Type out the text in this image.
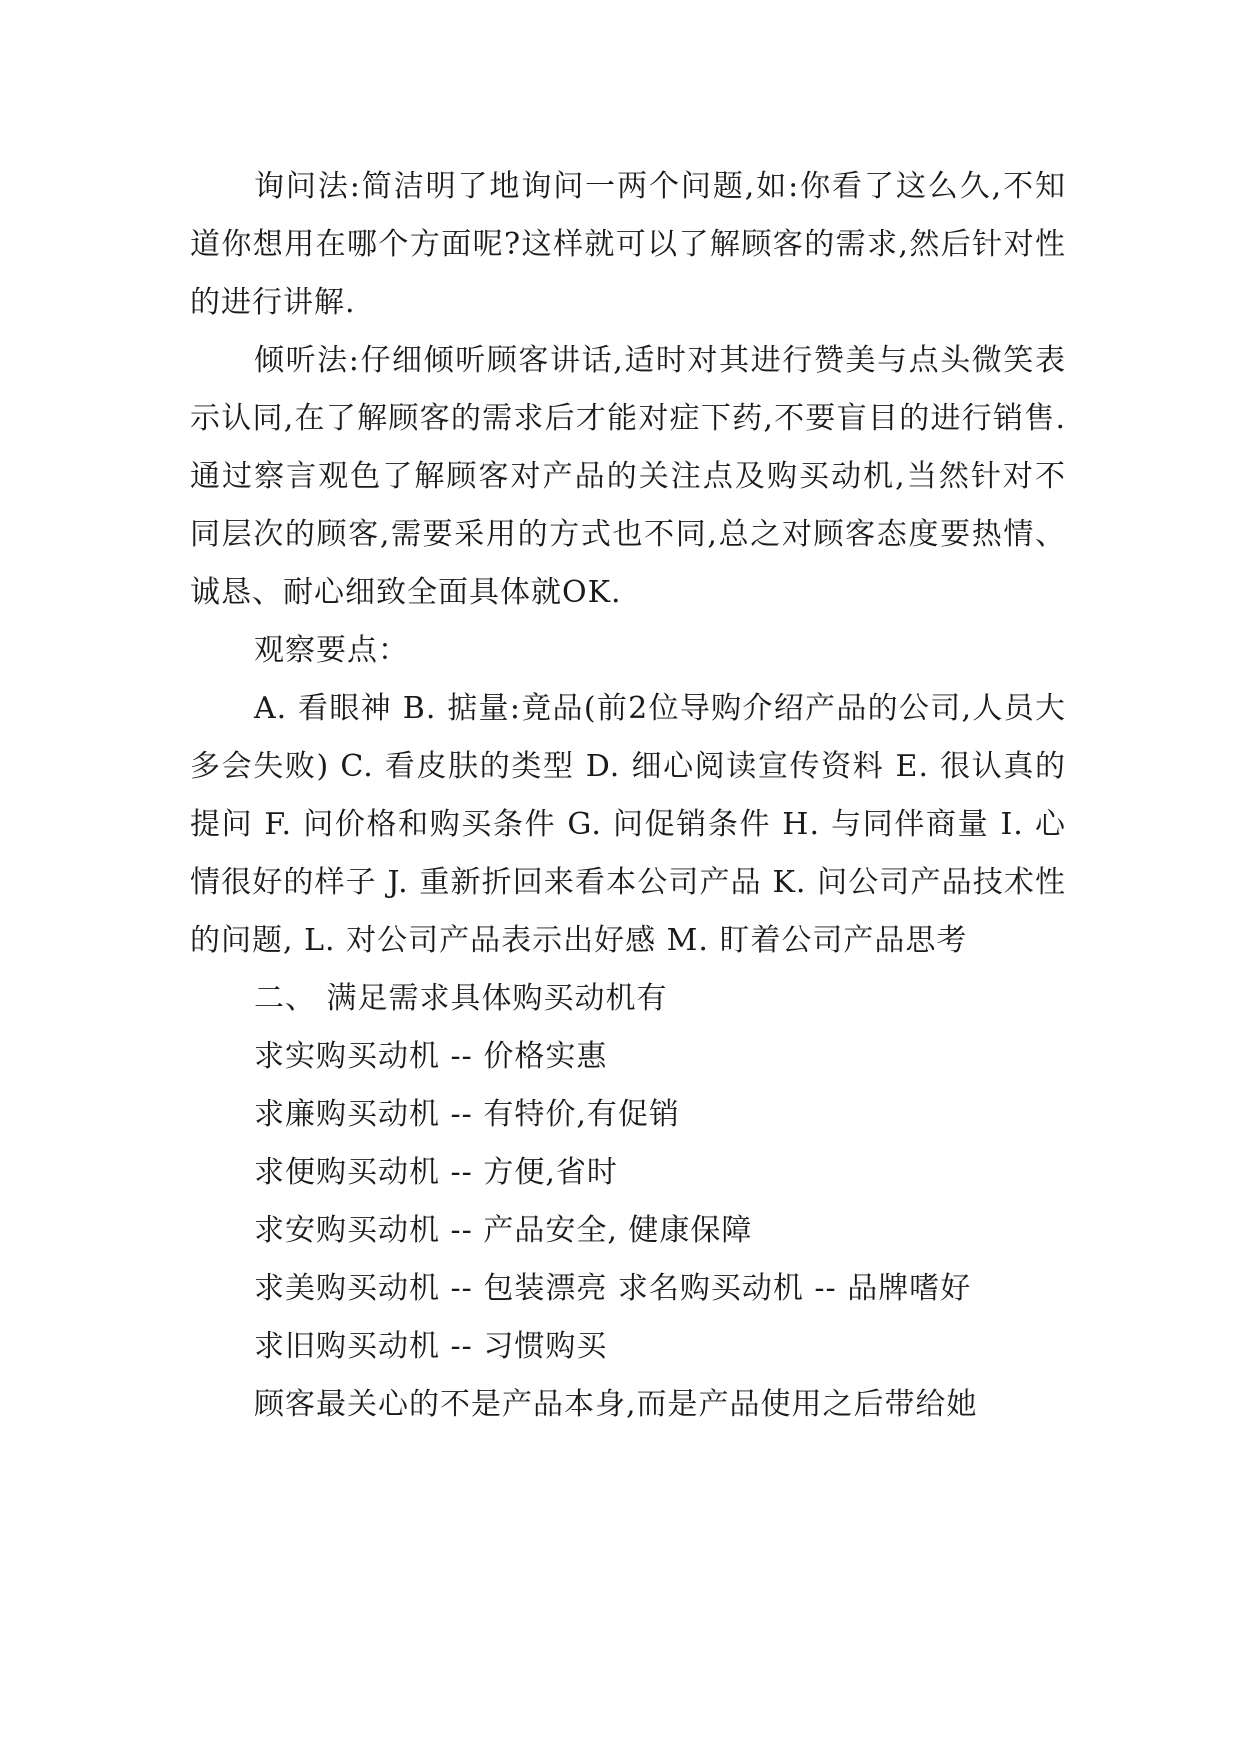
询问法:简洁明了地询问一两个问题,如:你看了这么久,不知道你想用在哪个方面呢?这样就可以了解顾客的需求,然后针对性的进行讲解.

倾听法:仔细倾听顾客讲话,适时对其进行赞美与点头微笑表示认同,在了解顾客的需求后才能对症下药,不要盲目的进行销售.通过察言观色了解顾客对产品的关注点及购买动机,当然针对不同层次的顾客,需要采用的方式也不同,总之对顾客态度要热情、诚恳、耐心细致全面具体就OK.

观察要点：

A. 看眼神 B. 掂量:竟品(前2位导购介绍产品的公司,人员大多会失败) C. 看皮肤的类型 D. 细心阅读宣传资料 E. 很认真的提问 F. 问价格和购买条件 G. 问促销条件 H. 与同伴商量 I. 心情很好的样子 J. 重新折回来看本公司产品 K. 问公司产品技术性的问题, L. 对公司产品表示出好感 M. 盯着公司产品思考

二、 满足需求具体购买动机有

求实购买动机 -- 价格实惠

求廉购买动机 -- 有特价,有促销

求便购买动机 -- 方便,省时

求安购买动机 -- 产品安全, 健康保障

求美购买动机 -- 包装漂亮 求名购买动机 -- 品牌嗜好

求旧购买动机 -- 习惯购买

顾客最关心的不是产品本身,而是产品使用之后带给她
